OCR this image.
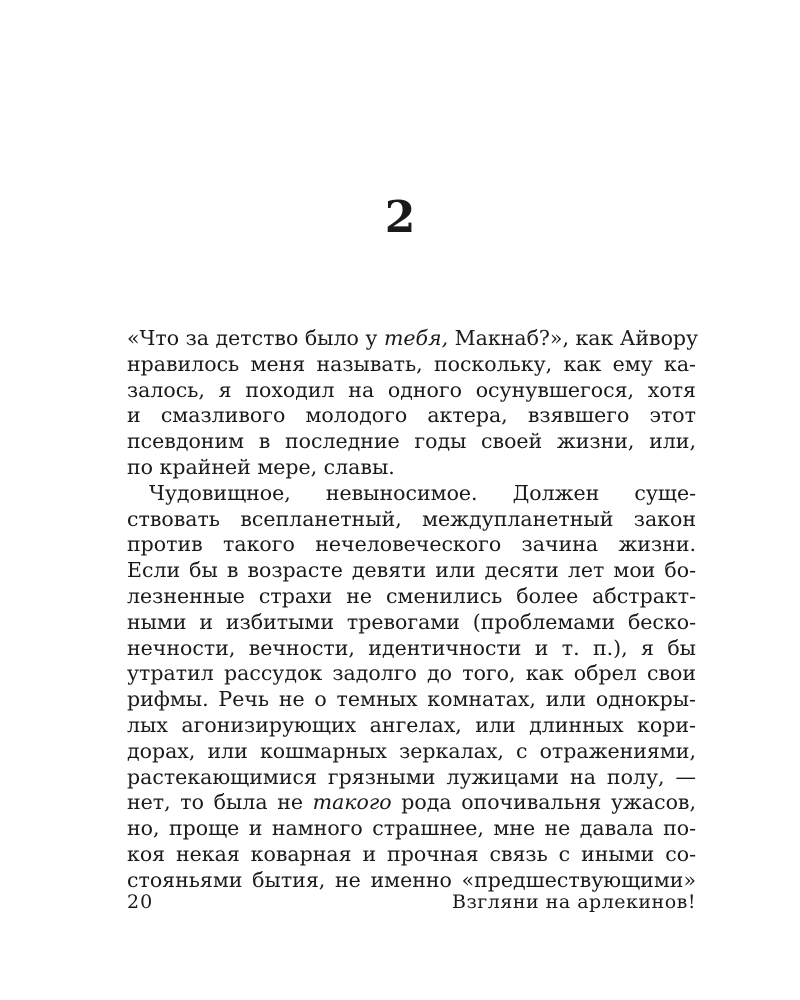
2
«Что за детство было у тебя, Макнаб?», как Айвору
нравилось меня называть, поскольку, как ему ка-
залось, я походил на одного осунувшегося, хотя
и смазливого молодого актера, взявшего этот
псевдоним в последние годы своей жизни, или,
по крайней мере, славы.
Чудовищное, невыносимое. Должен суще-
ствовать всепланетный, междупланетный закон
против такого нечеловеческого зачина жизни.
Если бы в возрасте девяти или десяти лет мои бо-
лезненные страхи не сменились более абстракт-
ными и избитыми тревогами (проблемами беско-
нечности, вечности, идентичности и т. п.), я бы
утратил рассудок задолго до того, как обрел свои
рифмы. Речь не о темных комнатах, или однокры-
лых агонизирующих ангелах, или длинных кори-
дорах, или кошмарных зеркалах, с отражениями,
растекающимися грязными лужицами на полу, —
нет, то была не такого рода опочивальня ужасов,
но, проще и намного страшнее, мне не давала по-
коя некая коварная и прочная связь с иными со-
стояньями бытия, не именно «предшествующими»
20	Взгляни на арлекинов!
